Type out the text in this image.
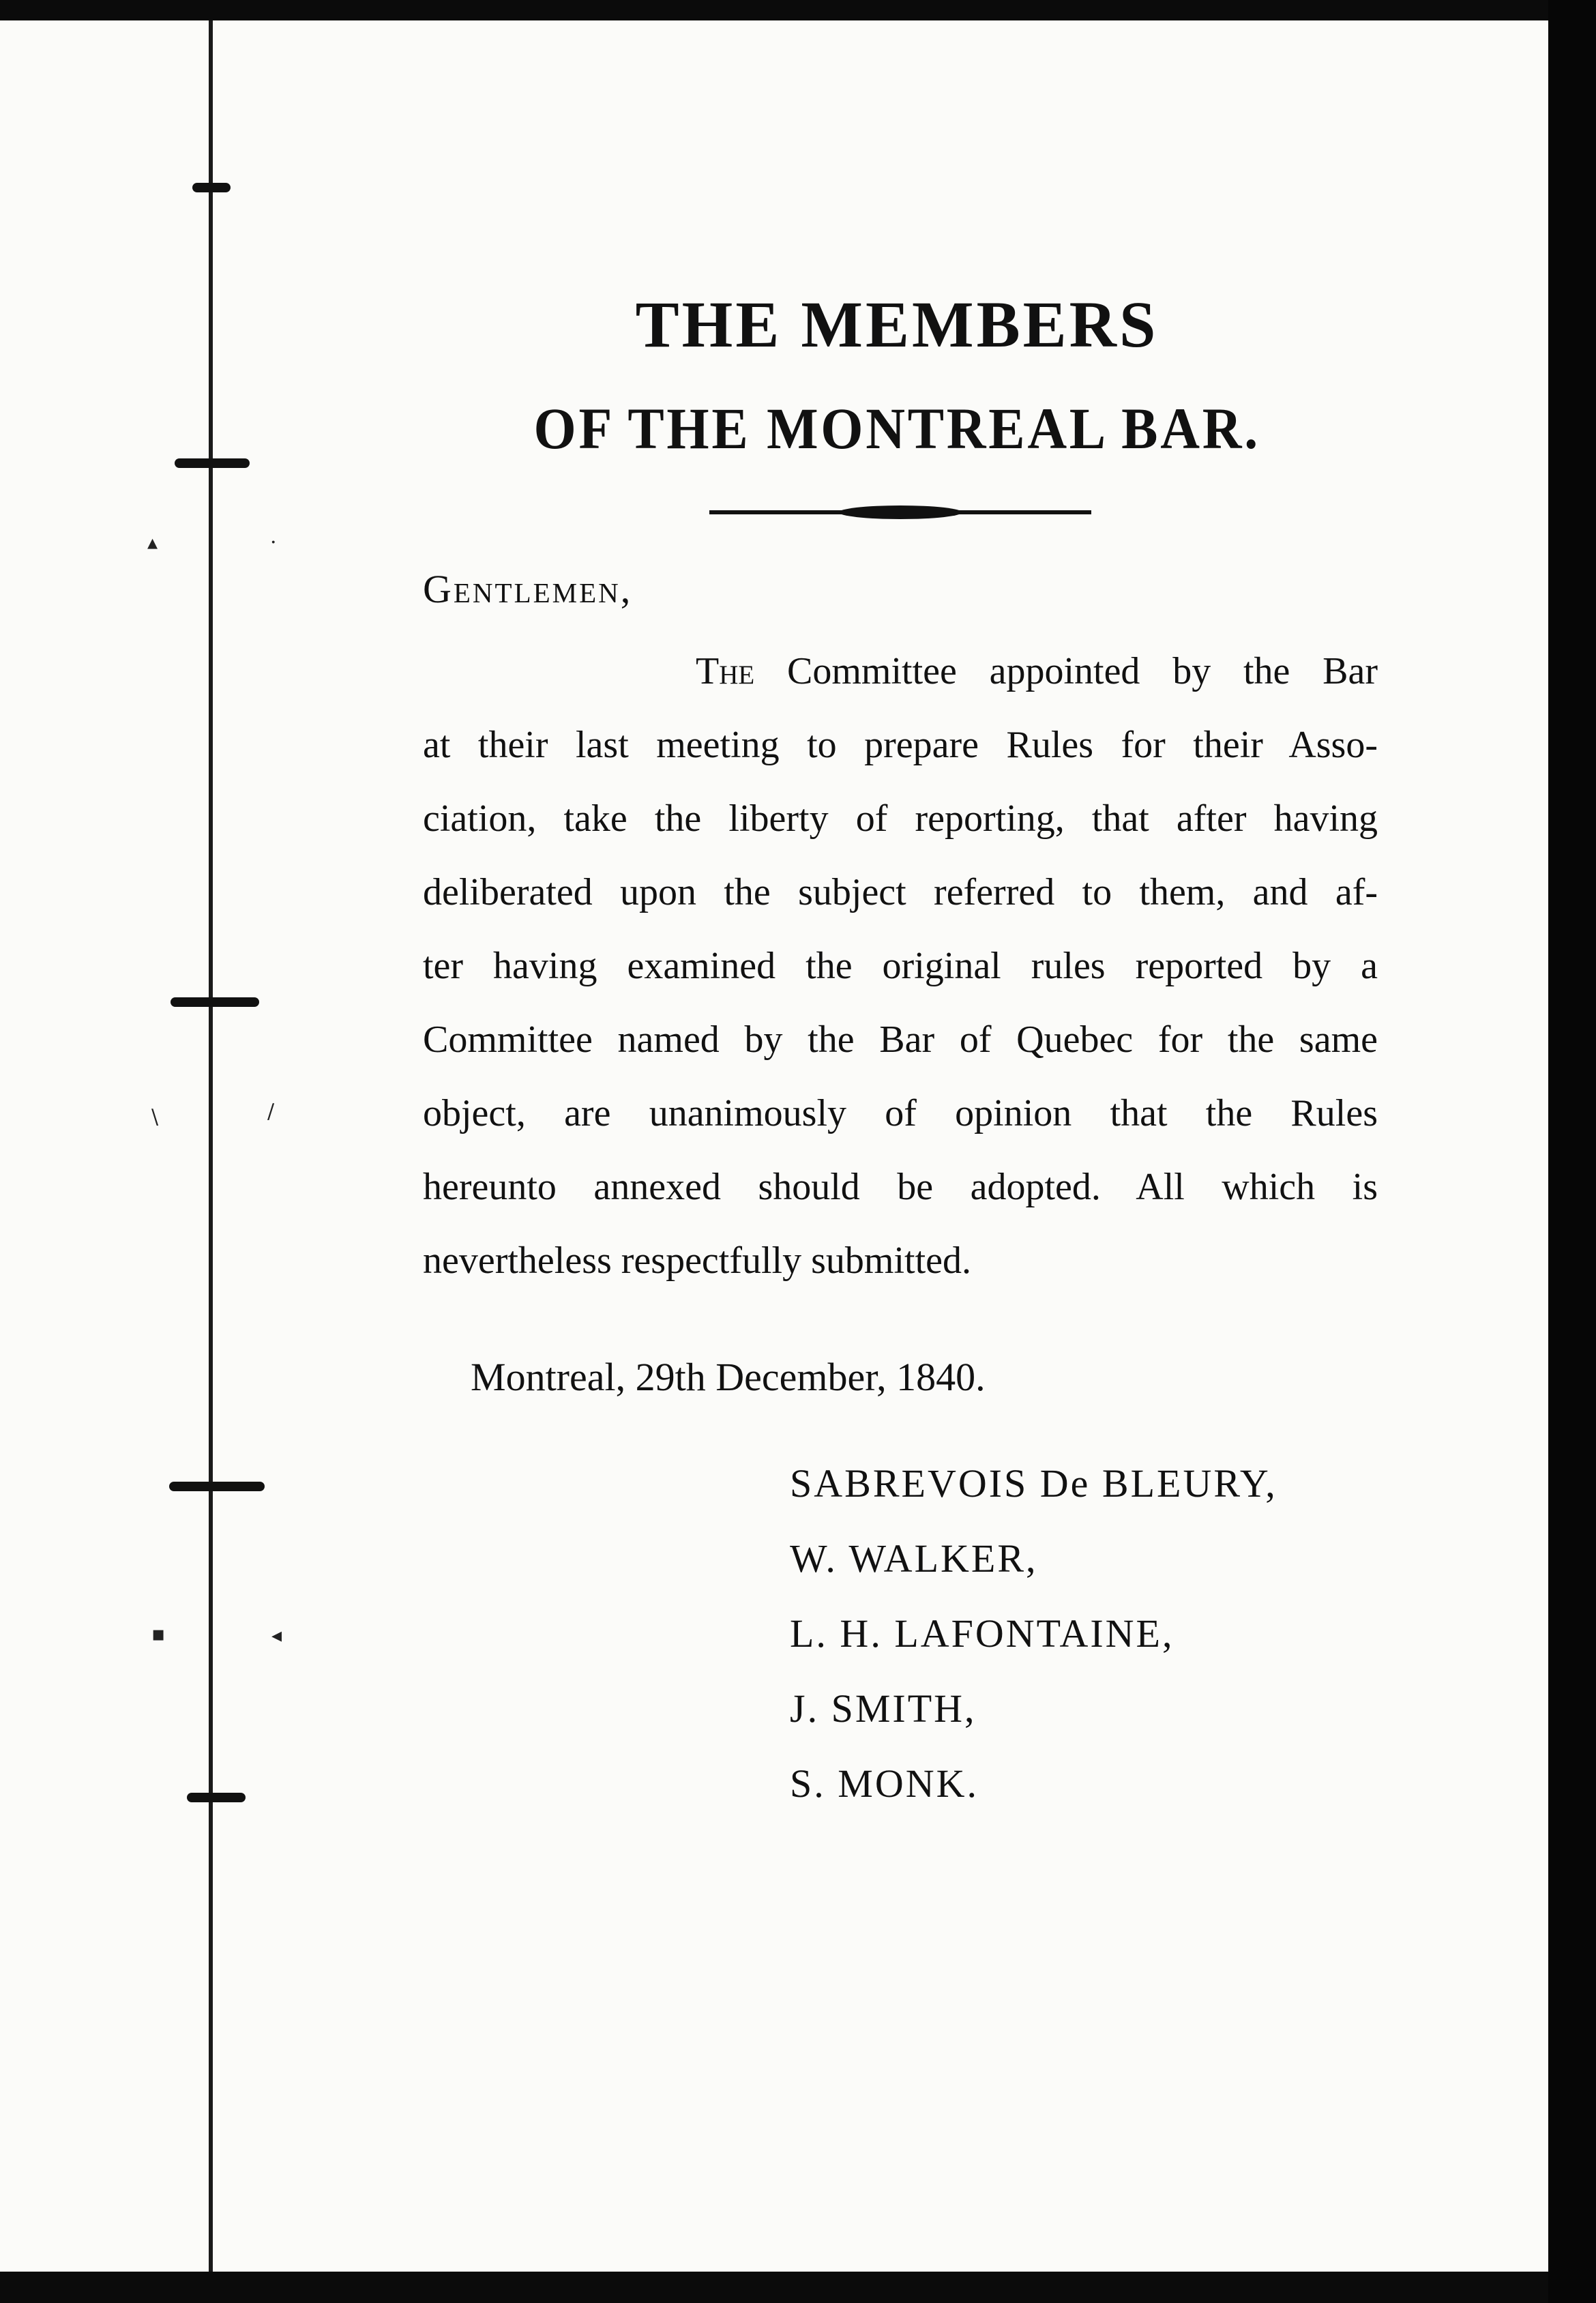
▴	·
\	/
▪	◂
THE MEMBERS
OF THE MONTREAL BAR.
Gentlemen,
The Committee appointed by the Bar
at their last meeting to prepare Rules for their Asso-
ciation, take the liberty of reporting, that after having
deliberated upon the subject referred to them, and af-
ter having examined the original rules reported by a
Committee named by the Bar of Quebec for the same
object, are unanimously of opinion that the Rules
hereunto annexed should be adopted. All which is
nevertheless respectfully submitted.
Montreal, 29th December, 1840.
SABREVOIS De BLEURY,
W. WALKER,
L. H. LAFONTAINE,
J. SMITH,
S. MONK.
